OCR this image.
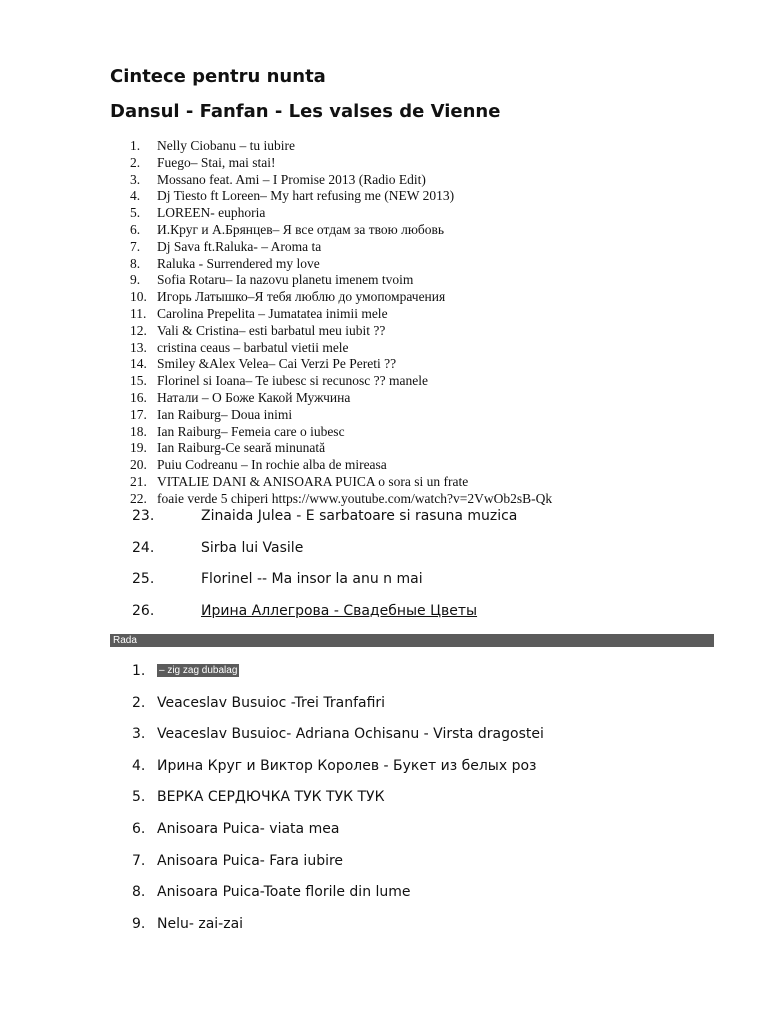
Cintece pentru nunta
Dansul - Fanfan - Les valses de Vienne
1. Nelly Ciobanu – tu iubire
2. Fuego– Stai, mai stai!
3. Mossano feat. Ami – I Promise 2013 (Radio Edit)
4. Dj Tiesto ft Loreen– My hart refusing me (NEW 2013)
5. LOREEN- euphoria
6. И.Круг и А.Брянцев– Я все отдам за твою любовь
7. Dj Sava ft.Raluka- – Aroma ta
8. Raluka - Surrendered my love
9. Sofia Rotaru– Ia nazovu planetu imenem tvoim
10. Игорь Латышко–Я тебя люблю до умопомрачения
11. Carolina Prepelita – Jumatatea inimii mele
12. Vali & Cristina– esti barbatul meu iubit ??
13. cristina ceaus – barbatul vietii mele
14. Smiley &Alex Velea– Cai Verzi Pe Pereti ??
15. Florinel si Ioana– Te iubesc si recunosc ?? manele
16. Натали – О Боже Какой Мужчина
17. Ian Raiburg– Doua inimi
18. Ian Raiburg– Femeia care o iubesc
19. Ian Raiburg-Ce seară minunată
20. Puiu Codreanu – In rochie alba de mireasa
21. VITALIE DANI & ANISOARA PUICA o sora si un frate
22. foaie verde 5 chiperi https://www.youtube.com/watch?v=2VwOb2sB-Qk
23.	Zinaida Julea - E sarbatoare si rasuna muzica
24.	Sirba lui Vasile
25.	Florinel -- Ma insor la anu n mai
26.	Ирина Аллегрова - Свадебные Цветы
Rada
1. – zig zag dubalag
2. Veaceslav Busuioc -Trei Tranfafiri
3. Veaceslav Busuioc- Adriana Ochisanu - Virsta dragostei
4. Ирина Круг и Виктор Королев - Букет из белых роз
5. ВЕРКА СЕРДЮЧКА ТУК ТУК ТУК
6. Anisoara Puica- viata mea
7. Anisoara Puica- Fara iubire
8. Anisoara Puica-Toate florile din lume
9. Nelu- zai-zai
